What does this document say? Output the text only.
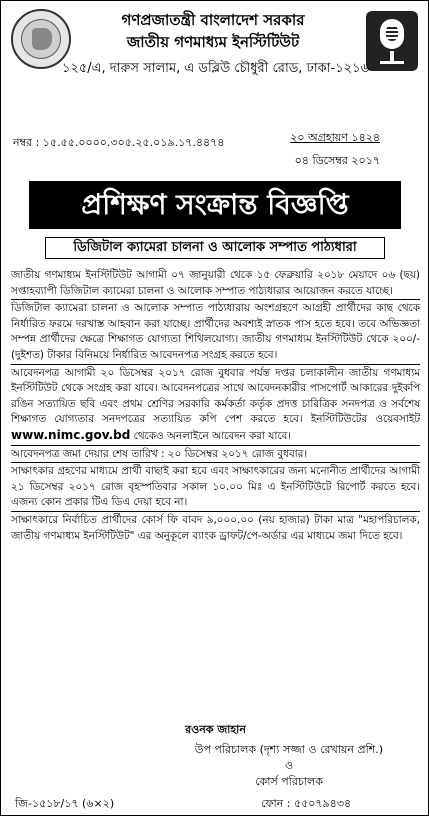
গণপ্রজাতন্ত্রী বাংলাদেশ সরকার
জাতীয় গণমাধ্যম ইনস্টিটিউট
১২৫/এ, দারুস সালাম, এ ডব্লিউ চৌধুরী রোড, ঢাকা-১২১৬
নম্বর : ১৫.৫৫.০০০০.৩০৫.২৫.০১৯.১৭.৪৪৭৪	২০ অগ্রহায়ণ ১৪২৪
০৪ ডিসেম্বর ২০১৭
প্রশিক্ষণ সংক্রান্ত বিজ্ঞপ্তি
ডিজিটাল ক্যামেরা চালনা ও আলোক সম্পাত পাঠ্যধারা

জাতীয় গণমাধ্যম ইনস্টিটিউট আগামী ০৭ জানুয়ারী থেকে ১৫ ফেব্রুয়ারি ২০১৮ মেয়াদে ০৬ (ছয়) সপ্তাহব্যাপী ডিজিটাল ক্যামেরা চালনা ও আলোক সম্পাত পাঠ্যধারার আয়োজন করতে যাচ্ছে।

ডিজিটাল ক্যামেরা চালনা ও আলোক সম্পাত পাঠ্যধারায় অংশগ্রহণে আগ্রহী প্রার্থীদের কাছ থেকে নির্ধারিত ফরমে দরখাস্ত আহবান করা যাচ্ছে। প্রার্থীদের অবশ্যই স্নাতক পাস হতে হবে। তবে অভিজ্ঞতা সম্পন্ন প্রার্থীদের ক্ষেত্রে শিক্ষাগত যোগ্যতা শিথিলযোগ্য। জাতীয় গণমাধ্যম ইনস্টিটিউট থেকে ২০০/- (দুইশত) টাকার বিনিময়ে নির্ধারিত আবেদনপত্র সংগ্রহ করতে হবে।

আবেদনপত্র আগামী ২০ ডিসেম্বর ২০১৭ রোজ বুধবার পর্যন্ত দপ্তর চলাকালীন জাতীয় গণমাধ্যম ইনস্টিটিউট থেকে সংগ্রহ করা যাবে। আবেদনপত্রের সাথে আবেদনকারীর পাসপোর্ট আকারের দুইকপি রঙিন সত্যায়িত ছবি এবং প্রথম শ্রেণির সরকারি কর্মকর্তা কর্তৃক প্রদত্ত চারিত্রিক সনদপত্র ও সর্বশেষ শিক্ষাগত যোগ্যতার সনদপত্রের সত্যায়িত কপি পেশ করতে হবে। ইনস্টিটিউটের ওয়েবসাইট www.nimc.gov.bd থেকেও অনলাইনে আবেদন করা যাবে।

আবেদনপত্র জমা দেয়ার শেষ তারিখ : ২০ ডিসেম্বর ২০১৭ রোজ বুধবার।

সাক্ষাৎকার গ্রহণের মাধ্যমে প্রার্থী বাছাই করা হবে এবং সাক্ষাৎকারের জন্য মনোনীত প্রার্থীদের আগামী ২১ ডিসেম্বর ২০১৭ রোজ বৃহস্পতিবার সকাল ১০.০০ মিঃ এ ইনস্টিটিউটে রিপোর্ট করতে হবে। এজন্য কোন প্রকার টিএ ডিএ দেয়া হবে না।

সাক্ষাৎকারে নির্বাচিত প্রার্থীদের কোর্স ফি বাবদ ৯,০০০.০০ (নয় হাজার) টাকা মাত্র "মহাপরিচালক, জাতীয় গণমাধ্যম ইনস্টিটিউট" এর অনুকূলে ব্যাংক ড্রাফট/পে-অর্ডার এর মাধ্যমে জমা দিতে হবে।

রওনক জাহান
উপ পরিচালক (দৃশ্য সজ্জা ও রেখায়ন প্রশি.)
ও
কোর্স পরিচালক
জি-১৫১৮/১৭ (৬×২)	ফোন : ৫৫০৭৯৪৩৪
